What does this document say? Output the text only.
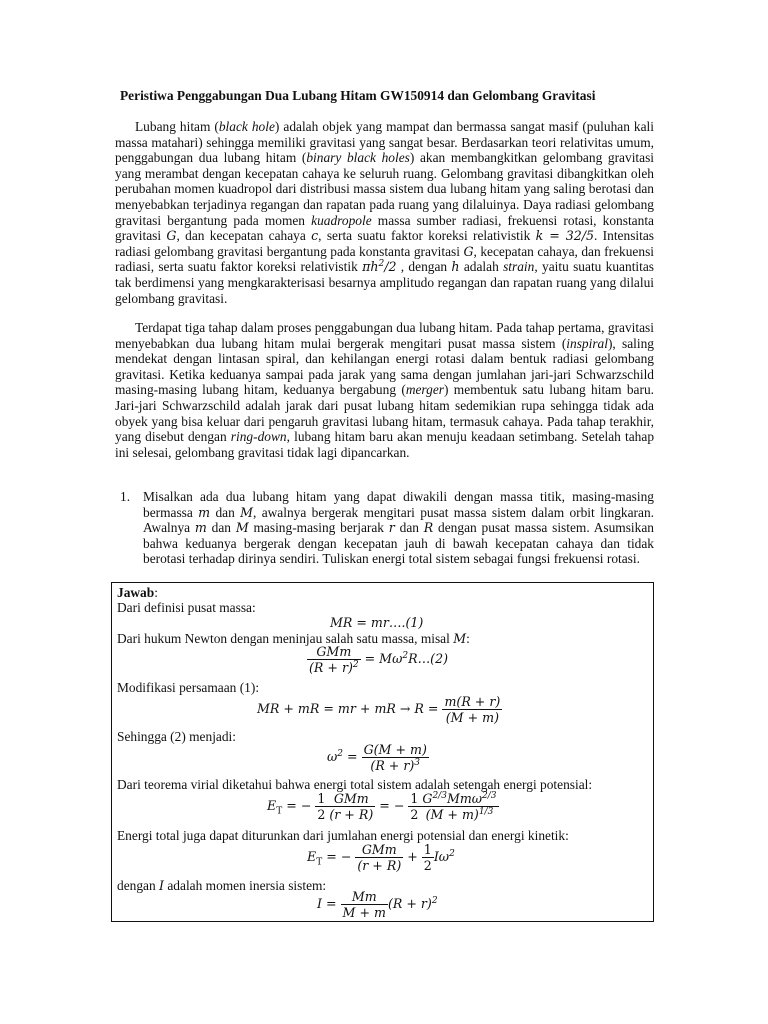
Peristiwa Penggabungan Dua Lubang Hitam GW150914 dan Gelombang Gravitasi

Lubang hitam (black hole) adalah objek yang mampat dan bermassa sangat masif (puluhan kali massa matahari) sehingga memiliki gravitasi yang sangat besar. Berdasarkan teori relativitas umum, penggabungan dua lubang hitam (binary black holes) akan membangkitkan gelombang gravitasi yang merambat dengan kecepatan cahaya ke seluruh ruang. Gelombang gravitasi dibangkitkan oleh perubahan momen kuadropol dari distribusi massa sistem dua lubang hitam yang saling berotasi dan menyebabkan terjadinya regangan dan rapatan pada ruang yang dilaluinya. Daya radiasi gelombang gravitasi bergantung pada momen kuadropole massa sumber radiasi, frekuensi rotasi, konstanta gravitasi G, dan kecepatan cahaya c, serta suatu faktor koreksi relativistik k = 32/5. Intensitas radiasi gelombang gravitasi bergantung pada konstanta gravitasi G, kecepatan cahaya, dan frekuensi radiasi, serta suatu faktor koreksi relativistik $\pi h^2/2$ , dengan h adalah strain, yaitu suatu kuantitas tak berdimensi yang mengkarakterisasi besarnya amplitudo regangan dan rapatan ruang yang dilalui gelombang gravitasi.

Terdapat tiga tahap dalam proses penggabungan dua lubang hitam. Pada tahap pertama, gravitasi menyebabkan dua lubang hitam mulai bergerak mengitari pusat massa sistem (inspiral), saling mendekat dengan lintasan spiral, dan kehilangan energi rotasi dalam bentuk radiasi gelombang gravitasi. Ketika keduanya sampai pada jarak yang sama dengan jumlahan jari-jari Schwarzschild masing-masing lubang hitam, keduanya bergabung (merger) membentuk satu lubang hitam baru. Jari-jari Schwarzschild adalah jarak dari pusat lubang hitam sedemikian rupa sehingga tidak ada obyek yang bisa keluar dari pengaruh gravitasi lubang hitam, termasuk cahaya. Pada tahap terakhir, yang disebut dengan ring-down, lubang hitam baru akan menuju keadaan setimbang. Setelah tahap ini selesai, gelombang gravitasi tidak lagi dipancarkan.

1. Misalkan ada dua lubang hitam yang dapat diwakili dengan massa titik, masing-masing bermassa m dan M, awalnya bergerak mengitari pusat massa sistem dalam orbit lingkaran. Awalnya m dan M masing-masing berjarak r dan R dengan pusat massa sistem. Asumsikan bahwa keduanya bergerak dengan kecepatan jauh di bawah kecepatan cahaya dan tidak berotasi terhadap dirinya sendiri. Tuliskan energi total sistem sebagai fungsi frekuensi rotasi.
Jawab:
Dari definisi pusat massa:
MR = mr….(1)
Dari hukum Newton dengan meninjau salah satu massa, misal M:
$\frac{\text{GMm}}{(R + r)^2}$ = $M\omega^2R\dots(2)$
Modifikasi persamaan (1):
MR + mR = mr + mR → $R = \frac{m(R + r)}{(M + m)}$
Sehingga (2) menjadi:
$\omega^2 = \frac{G(M + m)}{(R + r)^3}$
Dari teorema virial diketahui bahwa energi total sistem adalah setengah energi potensial:
$E_T$ = − $\frac{1}{2} \frac{\text{GMm}}{(r + R)}$ = − $\frac{1}{2} \frac{G^{2/3}Mm\omega^{2/3}}{(M + m)^{1/3}}$
Energi total juga dapat diturunkan dari jumlahan energi potensial dan energi kinetik:
$E_T$ = − $\frac{\text{GMm}}{(r + R)} + \frac{1}{2} I\omega^2$
dengan I adalah momen inersia sistem:
$I = \frac{Mm}{M + m} (R + r)^2$
